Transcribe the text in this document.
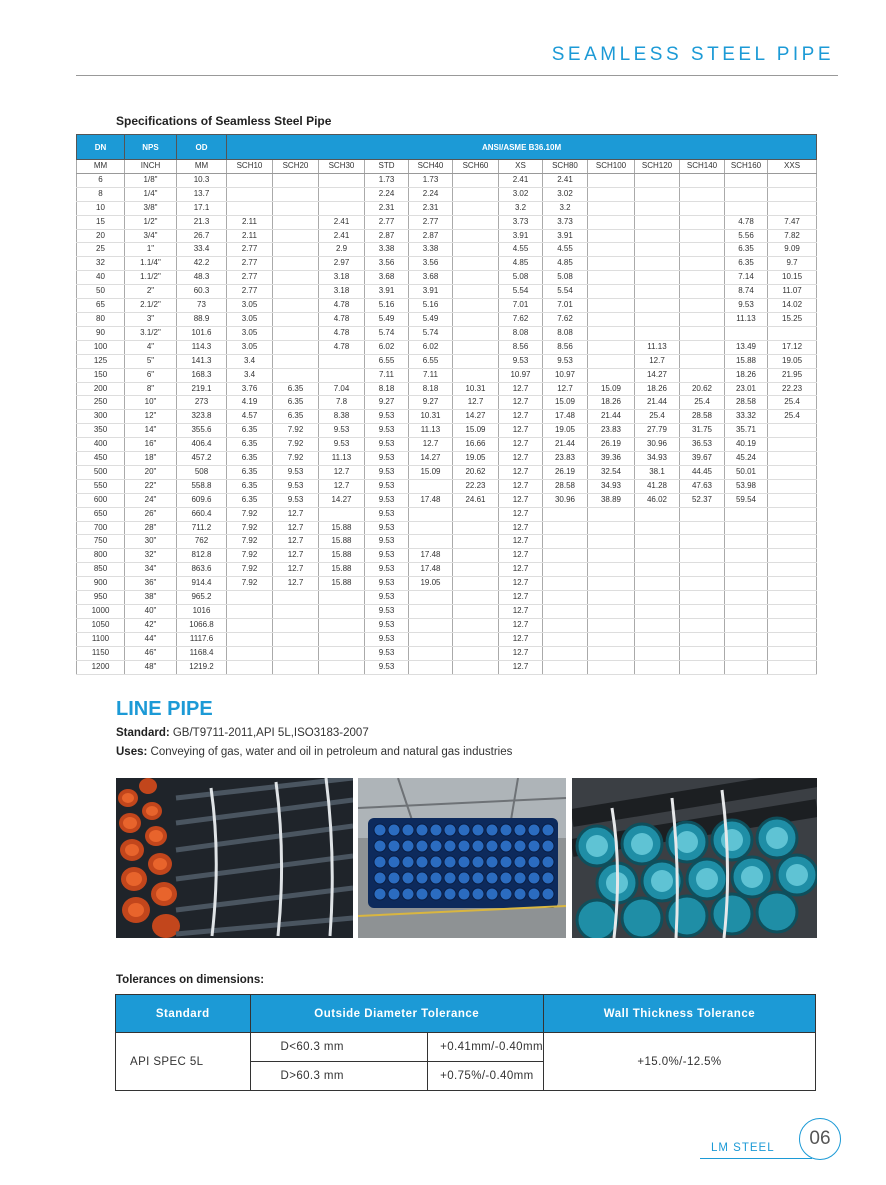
SEAMLESS STEEL PIPE
Specifications of Seamless Steel Pipe
DN	NPS	OD	ANSI/ASME B36.10M												
MM	INCH	MM	SCH10	SCH20	SCH30	STD	SCH40	SCH60	XS	SCH80	SCH100	SCH120	SCH140	SCH160	XXS
6	1/8"	10.3				1.73	1.73		2.41	2.41					
8	1/4"	13.7				2.24	2.24		3.02	3.02					
10	3/8"	17.1				2.31	2.31		3.2	3.2					
15	1/2"	21.3	2.11		2.41	2.77	2.77		3.73	3.73				4.78	7.47
20	3/4"	26.7	2.11		2.41	2.87	2.87		3.91	3.91				5.56	7.82
25	1"	33.4	2.77		2.9	3.38	3.38		4.55	4.55				6.35	9.09
32	1.1/4"	42.2	2.77		2.97	3.56	3.56		4.85	4.85				6.35	9.7
40	1.1/2"	48.3	2.77		3.18	3.68	3.68		5.08	5.08				7.14	10.15
50	2"	60.3	2.77		3.18	3.91	3.91		5.54	5.54				8.74	11.07
65	2.1/2"	73	3.05		4.78	5.16	5.16		7.01	7.01				9.53	14.02
80	3"	88.9	3.05		4.78	5.49	5.49		7.62	7.62				11.13	15.25
90	3.1/2"	101.6	3.05		4.78	5.74	5.74		8.08	8.08					
100	4"	114.3	3.05		4.78	6.02	6.02		8.56	8.56		11.13		13.49	17.12
125	5"	141.3	3.4			6.55	6.55		9.53	9.53		12.7		15.88	19.05
150	6"	168.3	3.4			7.11	7.11		10.97	10.97		14.27		18.26	21.95
200	8"	219.1	3.76	6.35	7.04	8.18	8.18	10.31	12.7	12.7	15.09	18.26	20.62	23.01	22.23
250	10"	273	4.19	6.35	7.8	9.27	9.27	12.7	12.7	15.09	18.26	21.44	25.4	28.58	25.4
300	12"	323.8	4.57	6.35	8.38	9.53	10.31	14.27	12.7	17.48	21.44	25.4	28.58	33.32	25.4
350	14"	355.6	6.35	7.92	9.53	9.53	11.13	15.09	12.7	19.05	23.83	27.79	31.75	35.71	
400	16"	406.4	6.35	7.92	9.53	9.53	12.7	16.66	12.7	21.44	26.19	30.96	36.53	40.19	
450	18"	457.2	6.35	7.92	11.13	9.53	14.27	19.05	12.7	23.83	39.36	34.93	39.67	45.24	
500	20"	508	6.35	9.53	12.7	9.53	15.09	20.62	12.7	26.19	32.54	38.1	44.45	50.01	
550	22"	558.8	6.35	9.53	12.7	9.53		22.23	12.7	28.58	34.93	41.28	47.63	53.98	
600	24"	609.6	6.35	9.53	14.27	9.53	17.48	24.61	12.7	30.96	38.89	46.02	52.37	59.54	
650	26"	660.4	7.92	12.7		9.53			12.7						
700	28"	711.2	7.92	12.7	15.88	9.53			12.7						
750	30"	762	7.92	12.7	15.88	9.53			12.7						
800	32"	812.8	7.92	12.7	15.88	9.53	17.48		12.7						
850	34"	863.6	7.92	12.7	15.88	9.53	17.48		12.7						
900	36"	914.4	7.92	12.7	15.88	9.53	19.05		12.7						
950	38"	965.2				9.53			12.7						
1000	40"	1016				9.53			12.7						
1050	42"	1066.8				9.53			12.7						
1100	44"	1117.6				9.53			12.7						
1150	46"	1168.4				9.53			12.7						
1200	48"	1219.2				9.53			12.7						
LINE PIPE
Standard: GB/T9711-2011,API 5L,ISO3183-2007
Uses: Conveying of gas, water and oil in petroleum and natural gas industries
Tolerances on dimensions:
Standard	Outside Diameter Tolerance		Wall Thickness Tolerance
API SPEC 5L	D<60.3 mm	+0.41mm/-0.40mm	+15.0%/-12.5%
	D>60.3 mm	+0.75%/-0.40mm	
LM STEEL	06
